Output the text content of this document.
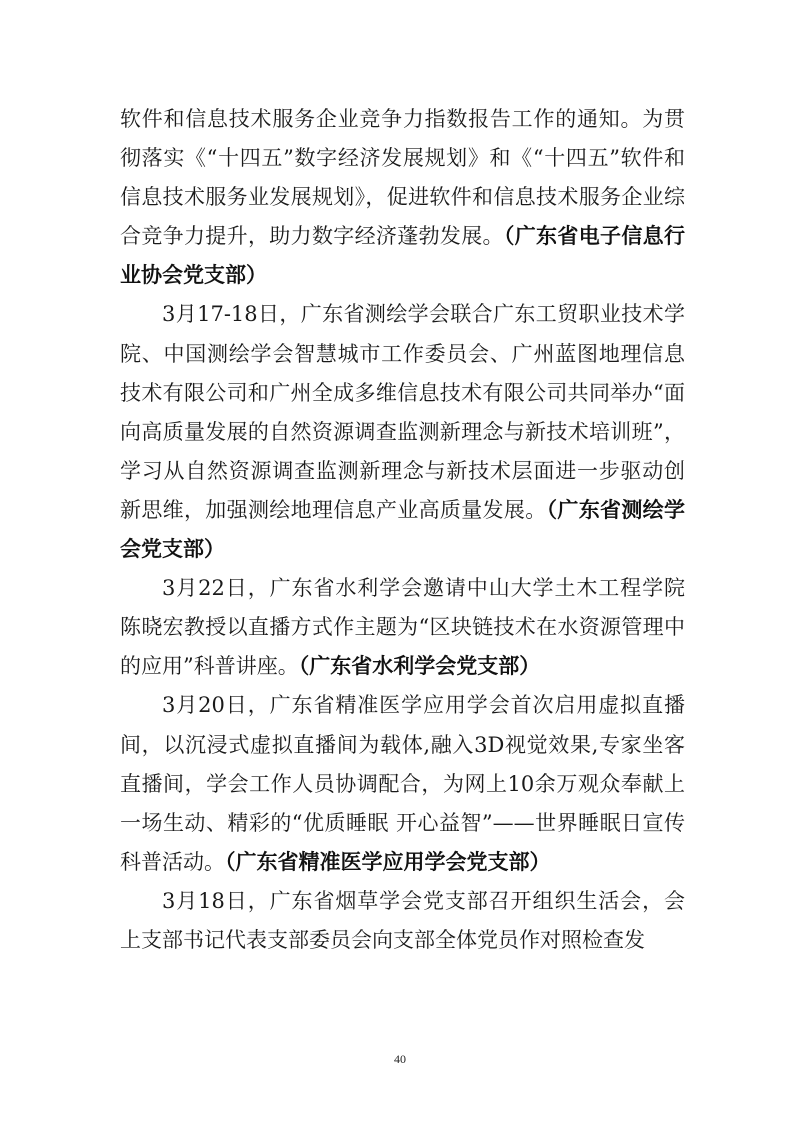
软件和信息技术服务企业竞争力指数报告工作的通知。为贯彻落实《“十四五”数字经济发展规划》和《“十四五”软件和信息技术服务业发展规划》，促进软件和信息技术服务企业综合竞争力提升，助力数字经济蓬勃发展。（广东省电子信息行业协会党支部）

3月17-18日，广东省测绘学会联合广东工贸职业技术学院、中国测绘学会智慧城市工作委员会、广州蓝图地理信息技术有限公司和广州全成多维信息技术有限公司共同举办“面向高质量发展的自然资源调查监测新理念与新技术培训班”，学习从自然资源调查监测新理念与新技术层面进一步驱动创新思维，加强测绘地理信息产业高质量发展。（广东省测绘学会党支部）

3月22日，广东省水利学会邀请中山大学土木工程学院陈晓宏教授以直播方式作主题为“区块链技术在水资源管理中的应用”科普讲座。（广东省水利学会党支部）

3月20日，广东省精准医学应用学会首次启用虚拟直播间，以沉浸式虚拟直播间为载体,融入3D视觉效果,专家坐客直播间，学会工作人员协调配合，为网上10余万观众奉献上一场生动、精彩的“优质睡眠 开心益智”——世界睡眠日宣传科普活动。（广东省精准医学应用学会党支部）

3月18日，广东省烟草学会党支部召开组织生活会，会上支部书记代表支部委员会向支部全体党员作对照检查发

40
